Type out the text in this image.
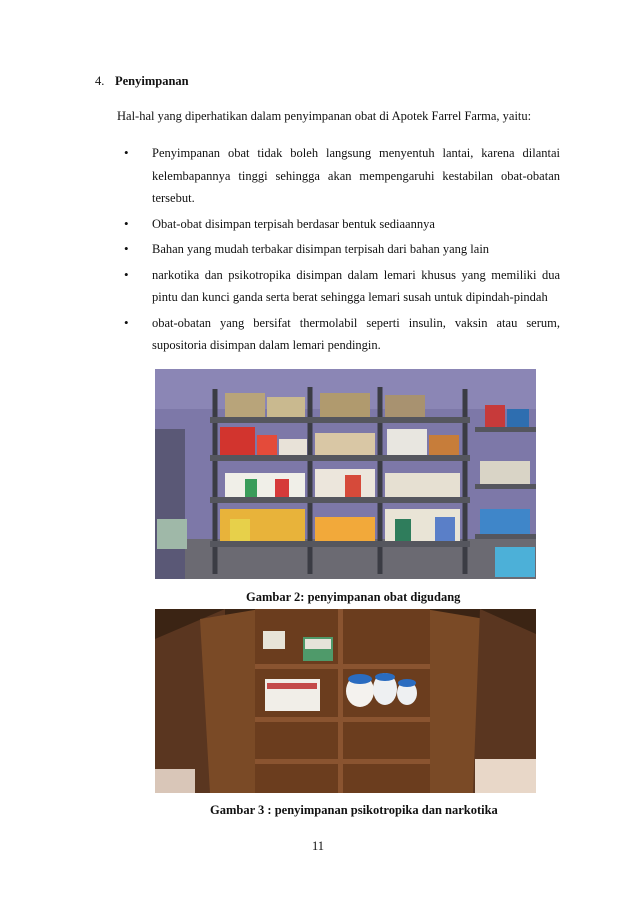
4. Penyimpanan
Hal-hal yang diperhatikan dalam penyimpanan obat di Apotek Farrel Farma, yaitu:
• Penyimpanan obat tidak boleh langsung menyentuh lantai, karena dilantai kelembapannya tinggi sehingga akan mempengaruhi kestabilan obat-obatan tersebut.
• Obat-obat disimpan terpisah berdasar bentuk sediaannya
• Bahan yang mudah terbakar disimpan terpisah dari bahan yang lain
• narkotika dan psikotropika disimpan dalam lemari khusus yang memiliki dua pintu dan kunci ganda serta berat sehingga lemari susah untuk dipindah-pindah
• obat-obatan yang bersifat thermolabil seperti insulin, vaksin atau serum, supositoria disimpan dalam lemari pendingin.
Gambar 2: penyimpanan obat digudang
Gambar 3 : penyimpanan psikotropika dan narkotika
11
